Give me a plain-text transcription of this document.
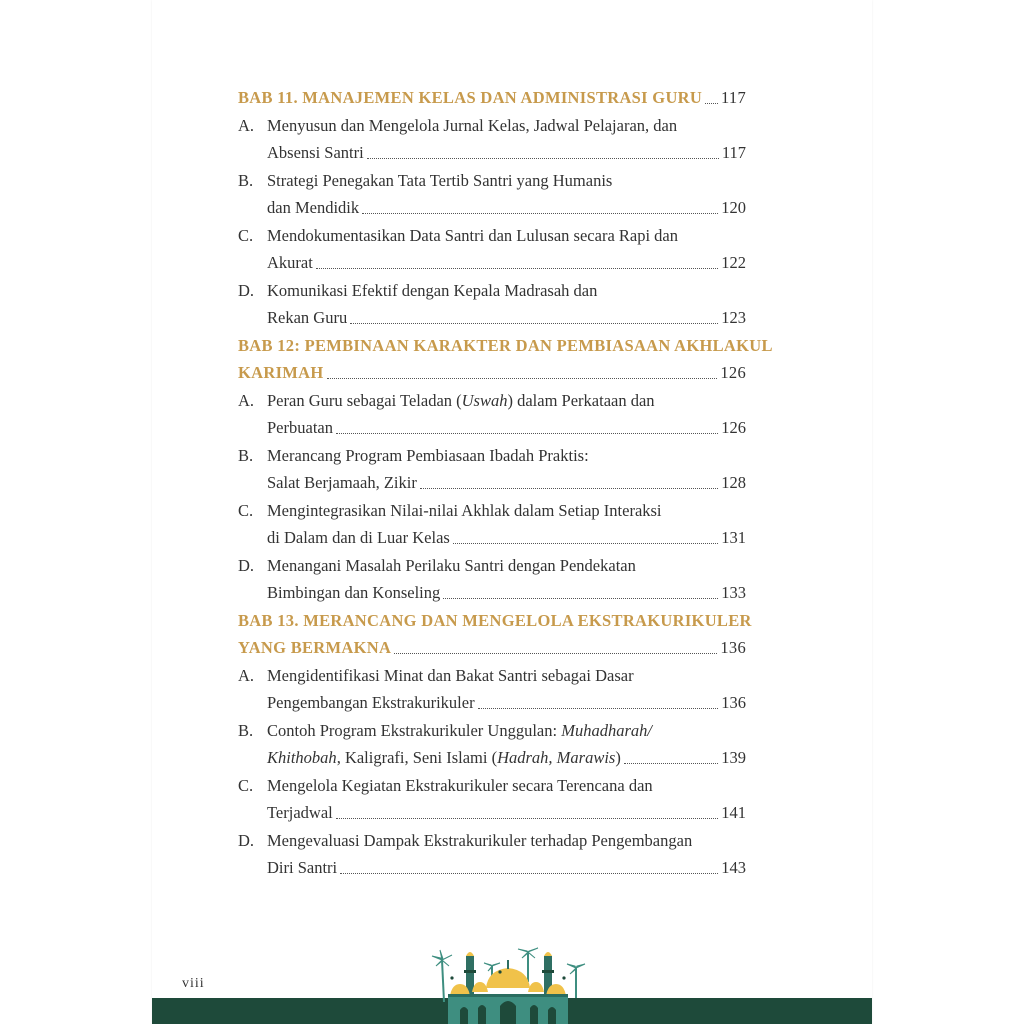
BAB 11. MANAJEMEN KELAS DAN ADMINISTRASI GURU 117
A. Menyusun dan Mengelola Jurnal Kelas, Jadwal Pelajaran, dan
Absensi Santri	117
B. Strategi Penegakan Tata Tertib Santri yang Humanis
dan Mendidik	120
C. Mendokumentasikan Data Santri dan Lulusan secara Rapi dan
Akurat	122
D. Komunikasi Efektif dengan Kepala Madrasah dan
Rekan Guru	123
BAB 12: PEMBINAAN KARAKTER DAN PEMBIASAAN AKHLAKUL
KARIMAH	126
A. Peran Guru sebagai Teladan (Uswah) dalam Perkataan dan
Perbuatan	126
B. Merancang Program Pembiasaan Ibadah Praktis:
Salat Berjamaah, Zikir	128
C. Mengintegrasikan Nilai-nilai Akhlak dalam Setiap Interaksi
di Dalam dan di Luar Kelas	131
D. Menangani Masalah Perilaku Santri dengan Pendekatan
Bimbingan dan Konseling	133
BAB 13. MERANCANG DAN MENGELOLA EKSTRAKURIKULER
YANG BERMAKNA	136
A. Mengidentifikasi Minat dan Bakat Santri sebagai Dasar
Pengembangan Ekstrakurikuler	136
B. Contoh Program Ekstrakurikuler Unggulan: Muhadharah/
Khithobah, Kaligrafi, Seni Islami (Hadrah, Marawis)	139
C. Mengelola Kegiatan Ekstrakurikuler secara Terencana dan
Terjadwal	141
D. Mengevaluasi Dampak Ekstrakurikuler terhadap Pengembangan
Diri Santri	143
viii
